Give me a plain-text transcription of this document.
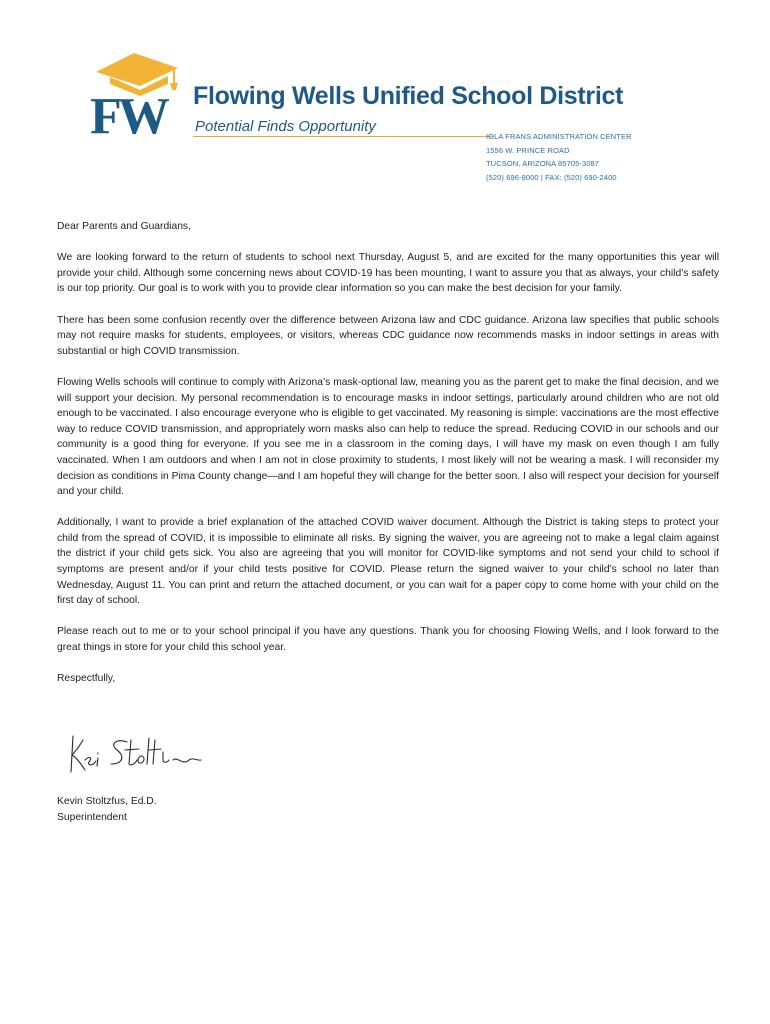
FW Flowing Wells Unified School District
Potential Finds Opportunity
IOLA FRANS ADMINISTRATION CENTER
1556 W. PRINCE ROAD
TUCSON, ARIZONA 85705-3087
(520) 696-8000 | FAX: (520) 690-2400

Dear Parents and Guardians,

We are looking forward to the return of students to school next Thursday, August 5, and are excited for the many opportunities this year will provide your child. Although some concerning news about COVID-19 has been mounting, I want to assure you that as always, your child’s safety is our top priority. Our goal is to work with you to provide clear information so you can make the best decision for your family.

There has been some confusion recently over the difference between Arizona law and CDC guidance. Arizona law specifies that public schools may not require masks for students, employees, or visitors, whereas CDC guidance now recommends masks in indoor settings in areas with substantial or high COVID transmission.

Flowing Wells schools will continue to comply with Arizona’s mask-optional law, meaning you as the parent get to make the final decision, and we will support your decision. My personal recommendation is to encourage masks in indoor settings, particularly around children who are not old enough to be vaccinated. I also encourage everyone who is eligible to get vaccinated. My reasoning is simple: vaccinations are the most effective way to reduce COVID transmission, and appropriately worn masks also can help to reduce the spread. Reducing COVID in our schools and our community is a good thing for everyone. If you see me in a classroom in the coming days, I will have my mask on even though I am fully vaccinated. When I am outdoors and when I am not in close proximity to students, I most likely will not be wearing a mask. I will reconsider my decision as conditions in Pima County change—and I am hopeful they will change for the better soon. I also will respect your decision for yourself and your child.

Additionally, I want to provide a brief explanation of the attached COVID waiver document. Although the District is taking steps to protect your child from the spread of COVID, it is impossible to eliminate all risks. By signing the waiver, you are agreeing not to make a legal claim against the district if your child gets sick. You also are agreeing that you will monitor for COVID-like symptoms and not send your child to school if symptoms are present and/or if your child tests positive for COVID. Please return the signed waiver to your child’s school no later than Wednesday, August 11. You can print and return the attached document, or you can wait for a paper copy to come home with your child on the first day of school.

Please reach out to me or to your school principal if you have any questions. Thank you for choosing Flowing Wells, and I look forward to the great things in store for your child this school year.

Respectfully,

Kevin Stoltzfus, Ed.D.
Superintendent
